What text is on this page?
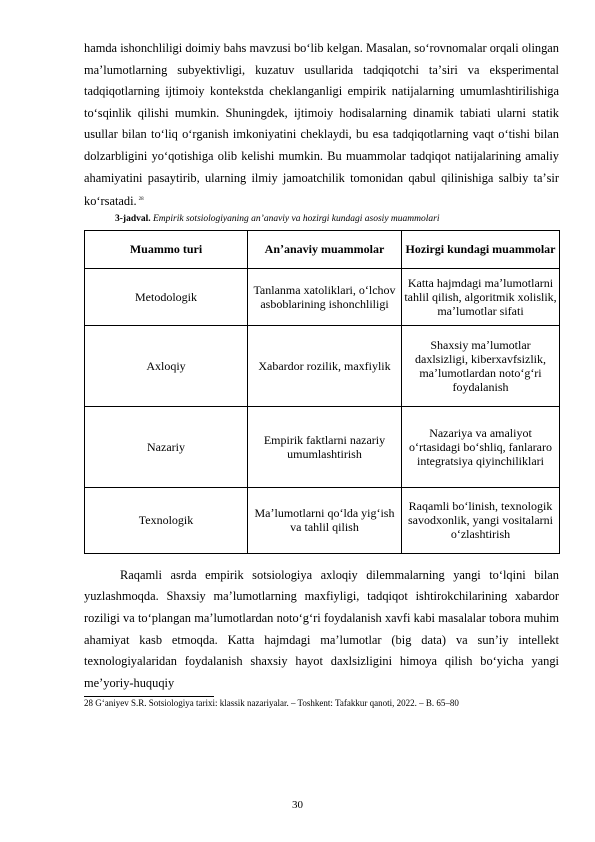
hamda ishonchliligi doimiy bahs mavzusi boʻlib kelgan. Masalan, soʻrovnomalar orqali olingan maʼlumotlarning subyektivligi, kuzatuv usullarida tadqiqotchi taʼsiri va eksperimental tadqiqotlarning ijtimoiy kontekstda cheklanganligi empirik natijalarning umumlashtirilishiga toʻsqinlik qilishi mumkin. Shuningdek, ijtimoiy hodisalarning dinamik tabiati ularni statik usullar bilan toʻliq oʻrganish imkoniyatini cheklaydi, bu esa tadqiqotlarning vaqt oʻtishi bilan dolzarbligini yoʻqotishiga olib kelishi mumkin. Bu muammolar tadqiqot natijalarining amaliy ahamiyatini pasaytirib, ularning ilmiy jamoatchilik tomonidan qabul qilinishiga salbiy taʼsir koʻrsatadi. $^{28}$

3-jadval. Empirik sotsiologiyaning anʼanaviy va hozirgi kundagi asosiy muammolari
Muammo turi	Anʼanaviy muammolar	Hozirgi kundagi muammolar
Metodologik	Tanlanma xatoliklari, oʻlchov asboblarining ishonchliligi	Katta hajmdagi maʼlumotlarni tahlil qilish, algoritmik xolislik, maʼlumotlar sifati
Axloqiy	Xabardor rozilik, maxfiylik	Shaxsiy maʼlumotlar daxlsizligi, kiberxavfsizlik, maʼlumotlardan notoʻgʻri foydalanish
Nazariy	Empirik faktlarni nazariy umumlashtirish	Nazariya va amaliyot oʻrtasidagi boʻshliq, fanlararo integratsiya qiyinchiliklari
Texnologik	Maʼlumotlarni qoʻlda yigʻish va tahlil qilish	Raqamli boʻlinish, texnologik savodxonlik, yangi vositalarni oʻzlashtirish

Raqamli asrda empirik sotsiologiya axloqiy dilemmalarning yangi toʻlqini bilan yuzlashmoqda. Shaxsiy maʼlumotlarning maxfiyligi, tadqiqot ishtirokchilarining xabardor roziligi va toʻplangan maʼlumotlardan notoʻgʻri foydalanish xavfi kabi masalalar tobora muhim ahamiyat kasb etmoqda. Katta hajmdagi maʼlumotlar (big data) va sunʼiy intellekt texnologiyalaridan foydalanish shaxsiy hayot daxlsizligini himoya qilish boʻyicha yangi meʼyoriy-huquqiy

28 Gʻaniyev S.R. Sotsiologiya tarixi: klassik nazariyalar. – Toshkent: Tafakkur qanoti, 2022. – B. 65–80

30
